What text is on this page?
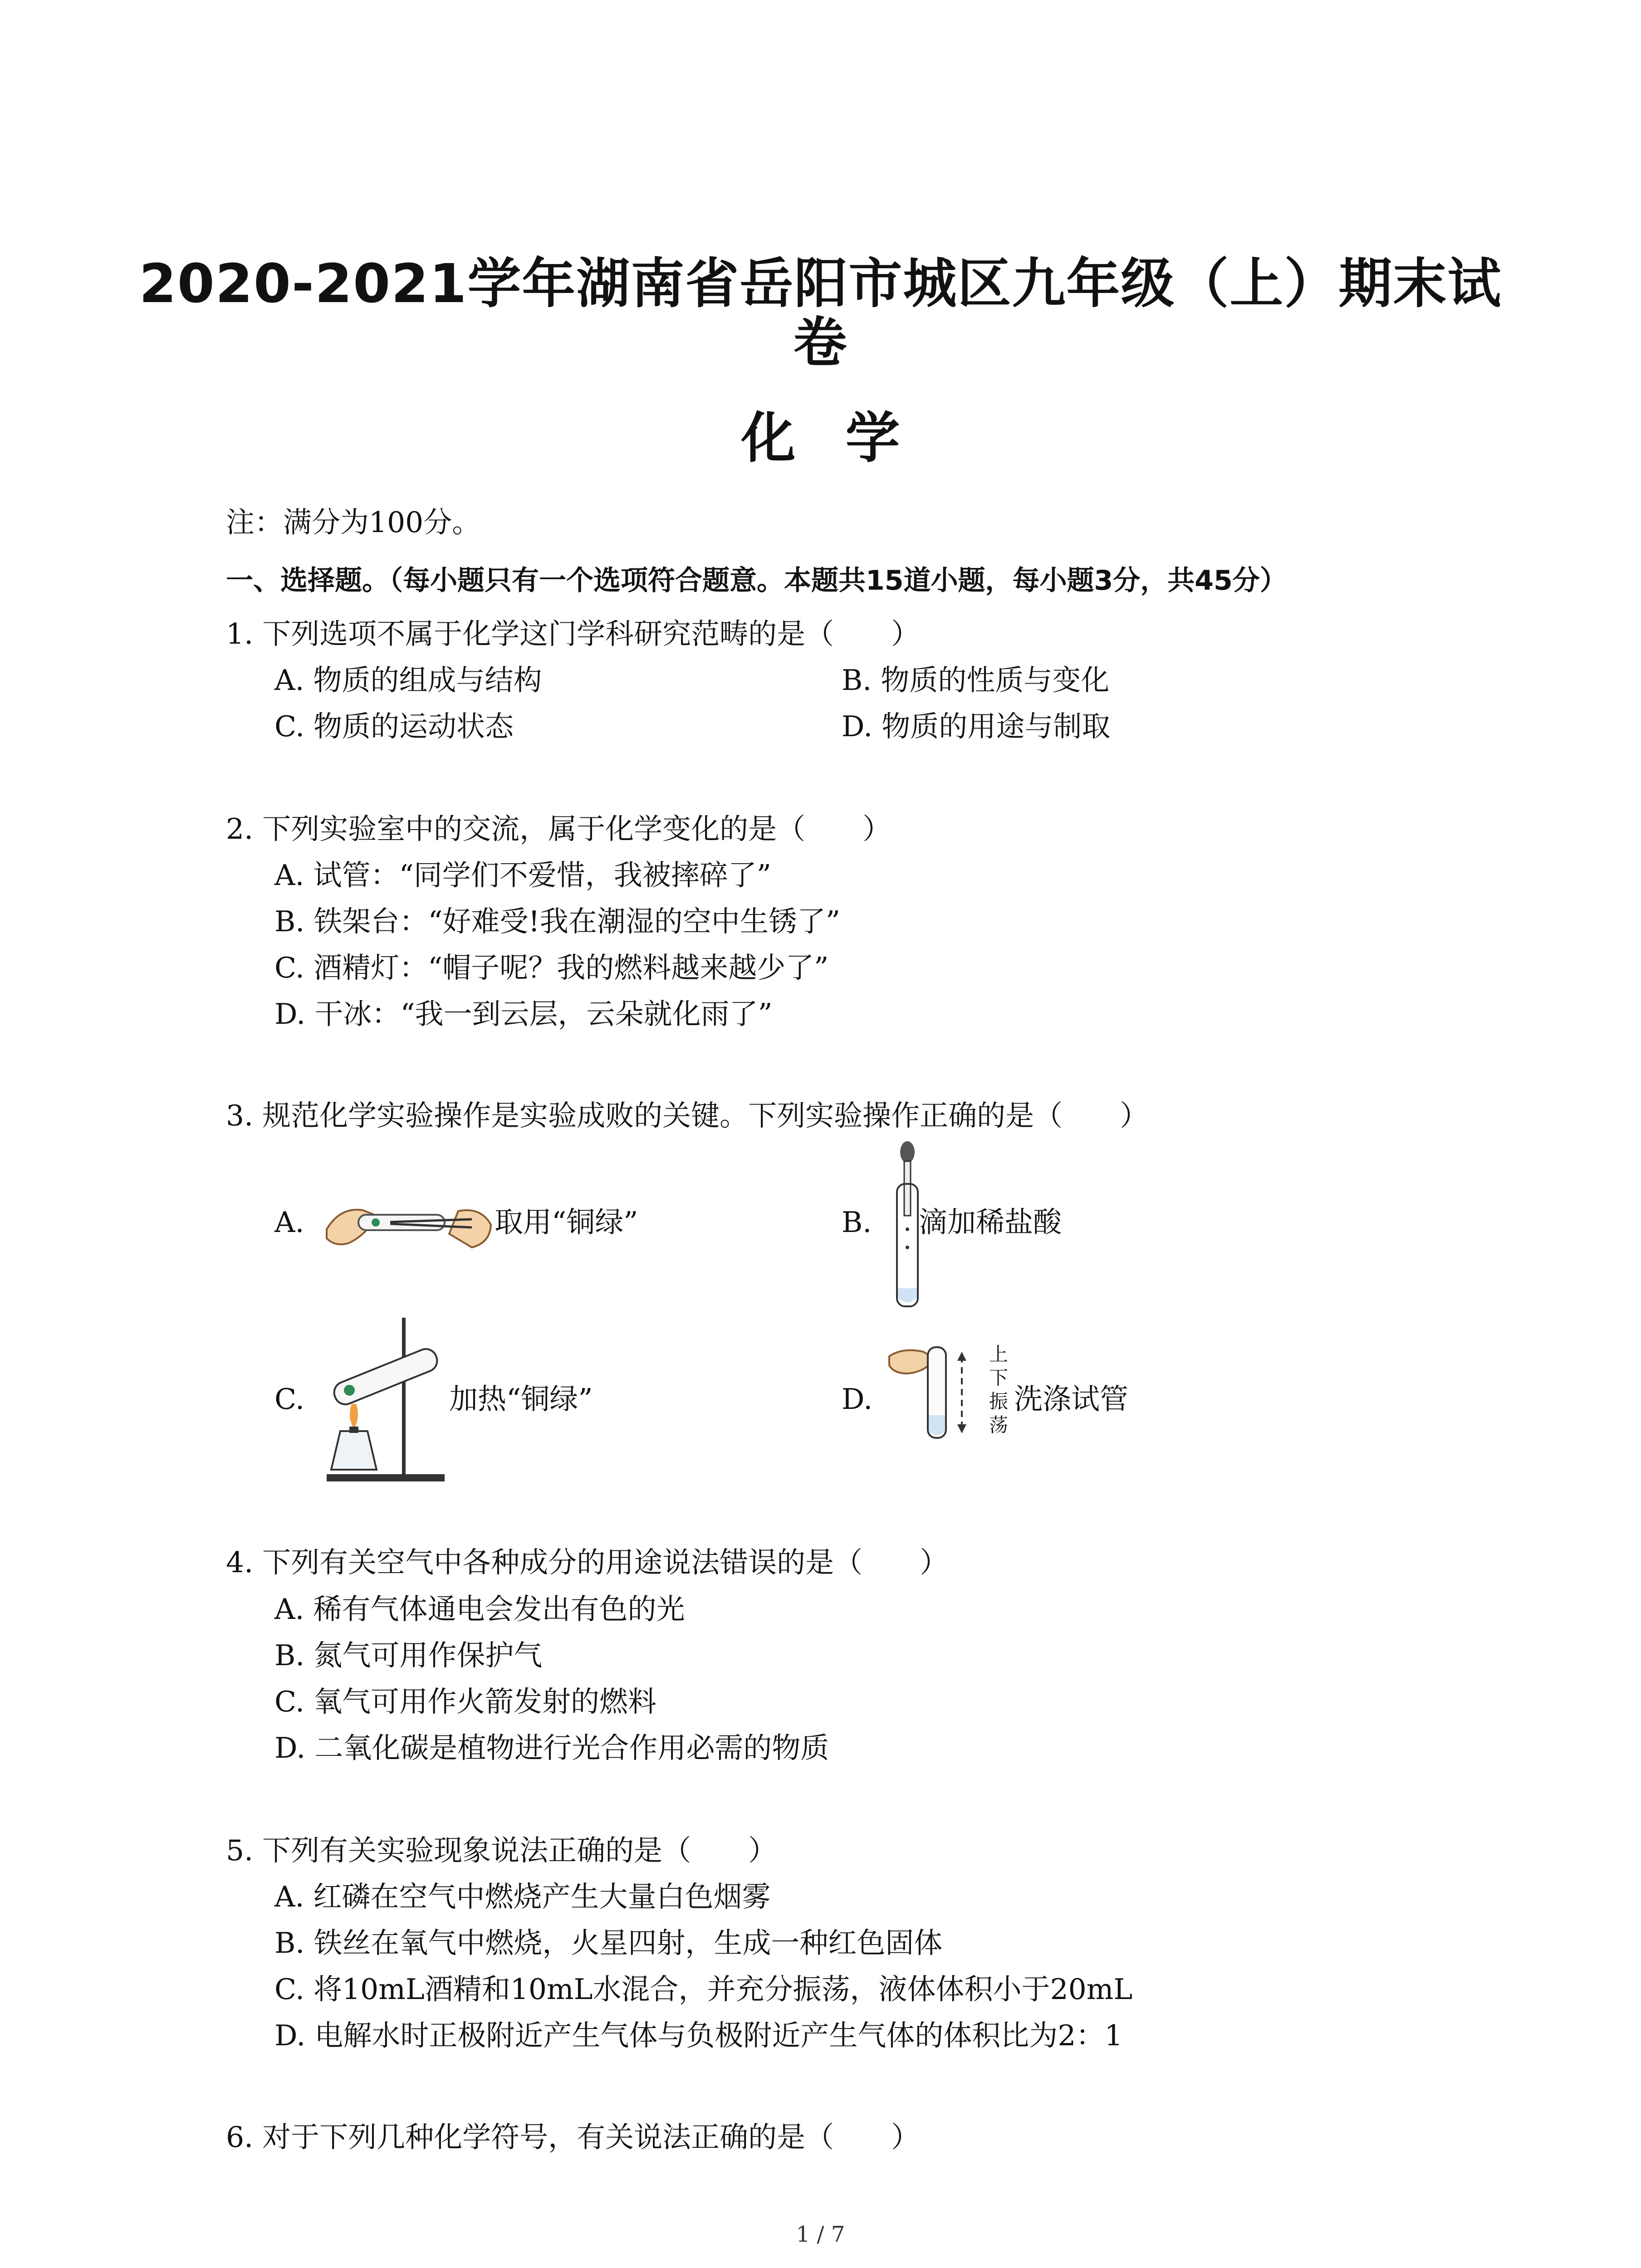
2020-2021学年湖南省岳阳市城区九年级（上）期末试
卷
化学
注：满分为100分。
一、选择题。（每小题只有一个选项符合题意。本题共15道小题，每小题3分，共45分）
1. 下列选项不属于化学这门学科研究范畴的是（　　）
A. 物质的组成与结构	B. 物质的性质与变化
C. 物质的运动状态	D. 物质的用途与制取
2. 下列实验室中的交流，属于化学变化的是（　　）
A. 试管：“同学们不爱惜，我被摔碎了”
B. 铁架台：“好难受!我在潮湿的空中生锈了”
C. 酒精灯：“帽子呢？我的燃料越来越少了”
D. 干冰：“我一到云层，云朵就化雨了”
3. 规范化学实验操作是实验成败的关键。下列实验操作正确的是（　　）
A.	取用“铜绿”	B. 滴加稀盐酸
C.	加热“铜绿”	D.
上
下
振
荡
洗涤试管
4. 下列有关空气中各种成分的用途说法错误的是（　　）
A. 稀有气体通电会发出有色的光
B. 氮气可用作保护气
C. 氧气可用作火箭发射的燃料
D. 二氧化碳是植物进行光合作用必需的物质
5. 下列有关实验现象说法正确的是（　　）
A. 红磷在空气中燃烧产生大量白色烟雾
B. 铁丝在氧气中燃烧，火星四射，生成一种红色固体
C. 将10mL酒精和10mL水混合，并充分振荡，液体体积小于20mL
D. 电解水时正极附近产生气体与负极附近产生气体的体积比为2：1
6. 对于下列几种化学符号，有关说法正确的是（　　）
1 / 7
